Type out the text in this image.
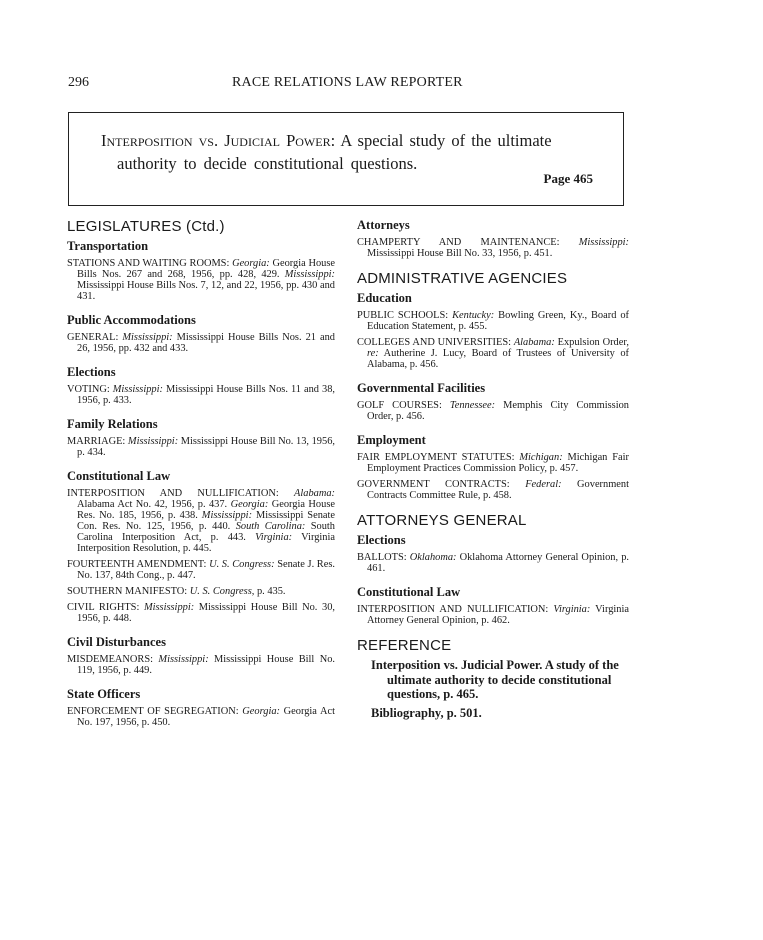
296	RACE RELATIONS LAW REPORTER
Interposition vs. Judicial Power: A special study of the ultimate
authority to decide constitutional questions.
Page 465
LEGISLATURES (Ctd.)
Transportation
STATIONS AND WAITING ROOMS: Georgia: Georgia House Bills Nos. 267 and 268, 1956, pp. 428, 429. Mississippi: Mississippi House Bills Nos. 7, 12, and 22, 1956, pp. 430 and 431.
Public Accommodations
GENERAL: Mississippi: Mississippi House Bills Nos. 21 and 26, 1956, pp. 432 and 433.
Elections
VOTING: Mississippi: Mississippi House Bills Nos. 11 and 38, 1956, p. 433.
Family Relations
MARRIAGE: Mississippi: Mississippi House Bill No. 13, 1956, p. 434.
Constitutional Law
INTERPOSITION AND NULLIFICATION: Alabama: Alabama Act No. 42, 1956, p. 437. Georgia: Georgia House Res. No. 185, 1956, p. 438. Mississippi: Mississippi Senate Con. Res. No. 125, 1956, p. 440. South Carolina: South Carolina Interposition Act, p. 443. Virginia: Virginia Interposition Resolution, p. 445.
FOURTEENTH AMENDMENT: U. S. Congress: Senate J. Res. No. 137, 84th Cong., p. 447.
SOUTHERN MANIFESTO: U. S. Congress, p. 435.
CIVIL RIGHTS: Mississippi: Mississippi House Bill No. 30, 1956, p. 448.
Civil Disturbances
MISDEMEANORS: Mississippi: Mississippi House Bill No. 119, 1956, p. 449.
State Officers
ENFORCEMENT OF SEGREGATION: Georgia: Georgia Act No. 197, 1956, p. 450.
Attorneys
CHAMPERTY AND MAINTENANCE: Mississippi: Mississippi House Bill No. 33, 1956, p. 451.
ADMINISTRATIVE AGENCIES
Education
PUBLIC SCHOOLS: Kentucky: Bowling Green, Ky., Board of Education Statement, p. 455.
COLLEGES AND UNIVERSITIES: Alabama: Expulsion Order, re: Autherine J. Lucy, Board of Trustees of University of Alabama, p. 456.
Governmental Facilities
GOLF COURSES: Tennessee: Memphis City Commission Order, p. 456.
Employment
FAIR EMPLOYMENT STATUTES: Michigan: Michigan Fair Employment Practices Commission Policy, p. 457.
GOVERNMENT CONTRACTS: Federal: Government Contracts Committee Rule, p. 458.
ATTORNEYS GENERAL
Elections
BALLOTS: Oklahoma: Oklahoma Attorney General Opinion, p. 461.
Constitutional Law
INTERPOSITION AND NULLIFICATION: Virginia: Virginia Attorney General Opinion, p. 462.
REFERENCE
Interposition vs. Judicial Power. A study of the ultimate authority to decide constitutional questions, p. 465.
Bibliography, p. 501.
